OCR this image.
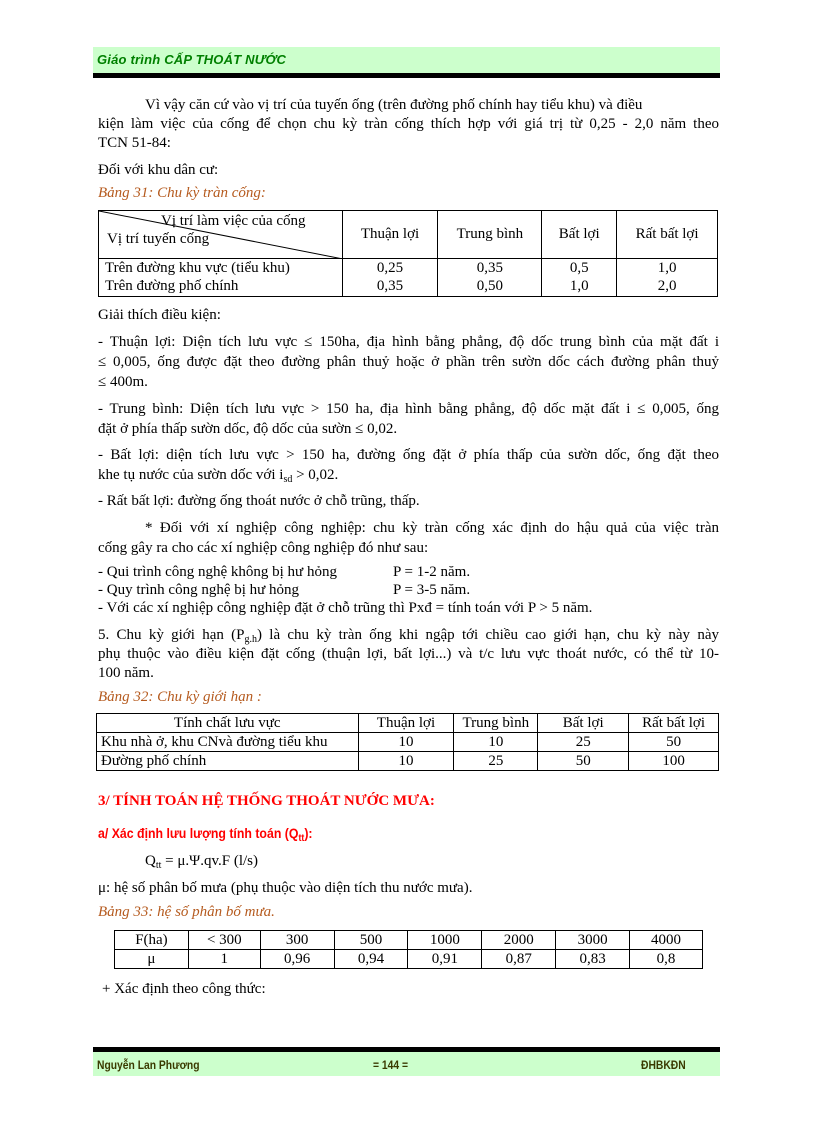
Giáo trình CẤP THOÁT NƯỚC
Vì vậy căn cứ vào vị trí của tuyến ống (trên đường phố chính hay tiểu khu) và điều
kiện làm việc của cống để chọn chu kỳ tràn cống thích hợp với giá trị từ 0,25 - 2,0 năm theo
TCN 51-84:
Đối với khu dân cư:
Bảng 31: Chu kỳ tràn cống:
Vị trí làm việc của cống
Vị trí tuyến cống	Thuận lợi	Trung bình	Bất lợi	Rất bất lợi
Trên đường khu vực (tiểu khu)	0,25	0,35	0,5	1,0
Trên đường phố chính	0,35	0,50	1,0	2,0
Giải thích điều kiện:
- Thuận lợi: Diện tích lưu vực ≤ 150ha, địa hình bằng phẳng, độ dốc trung bình của mặt đất i
≤ 0,005, ống được đặt theo đường phân thuỷ hoặc ở phần trên sườn dốc cách đường phân thuỷ
≤ 400m.
- Trung bình: Diện tích lưu vực > 150 ha, địa hình bằng phẳng, độ dốc mặt đất i ≤ 0,005, ống
đặt ở phía thấp sườn dốc, độ dốc của sườn ≤ 0,02.
- Bất lợi: diện tích lưu vực > 150 ha, đường ống đặt ở phía thấp của sườn dốc, ống đặt theo
khe tụ nước của sườn dốc với $i_{sd} > 0,02$.
- Rất bất lợi: đường ống thoát nước ở chỗ trũng, thấp.
* Đối với xí nghiệp công nghiệp: chu kỳ tràn cống xác định do hậu quả của việc tràn
cống gây ra cho các xí nghiệp công nghiệp đó như sau:
- Qui trình công nghệ không bị hư hỏng	P = 1-2 năm.
- Quy trình công nghệ bị hư hỏng	P = 3-5 năm.
- Với các xí nghiệp công nghiệp đặt ở chỗ trũng thì Pxđ = tính toán với P > 5 năm.
5. Chu kỳ giới hạn $(P_{g.h})$ là chu kỳ tràn ống khi ngập tới chiều cao giới hạn, chu kỳ này này
phụ thuộc vào điều kiện đặt cống (thuận lợi, bất lợi...) và t/c lưu vực thoát nước, có thể từ 10-
100 năm.
Bảng 32: Chu kỳ giới hạn :
Tính chất lưu vực	Thuận lợi	Trung bình	Bất lợi	Rất bất lợi
Khu nhà ở, khu CNvà đường tiểu khu	10	10	25	50
Đường phố chính	10	25	50	100
3/ TÍNH TOÁN HỆ THỐNG THOÁT NƯỚC MƯA:
a/ Xác định lưu lượng tính toán $(Q_{tt})$:
$Q_{tt} = \mu.\Psi.qv.F$ (l/s)
μ: hệ số phân bố mưa (phụ thuộc vào diện tích thu nước mưa).
Bảng 33: hệ số phân bố mưa.
F(ha)	< 300	300	500	1000	2000	3000	4000
μ	1	0,96	0,94	0,91	0,87	0,83	0,8
+ Xác định theo công thức:
Nguyễn Lan Phương	= 144 =	ĐHBKĐN
